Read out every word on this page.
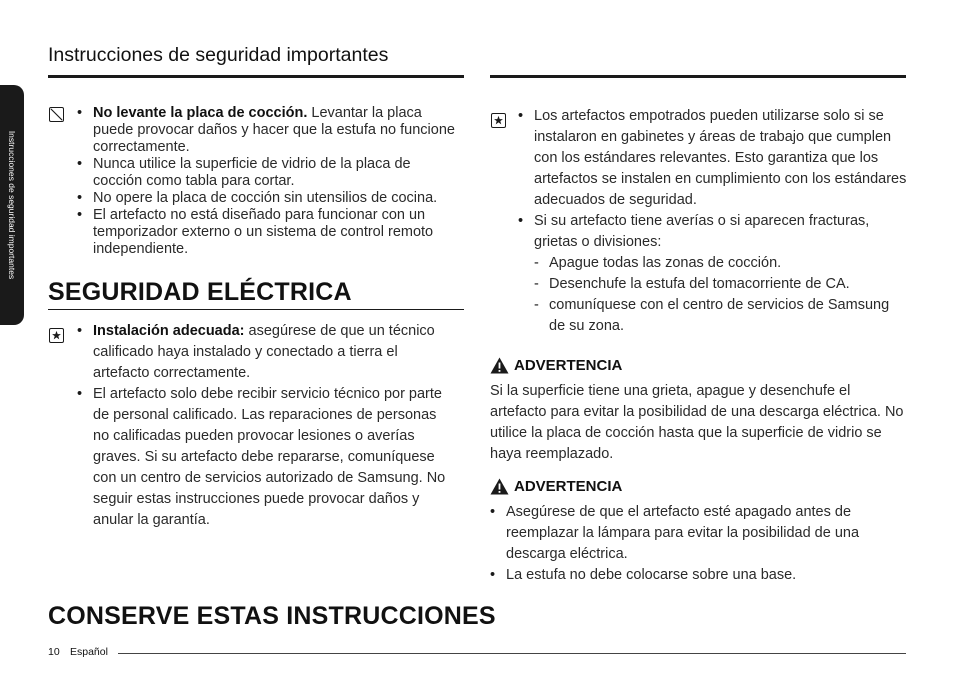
Instrucciones de seguridad importantes
Instrucciones de seguridad importantes
• No levante la placa de cocción. Levantar la placa puede provocar daños y hacer que la estufa no funcione correctamente.
• Nunca utilice la superficie de vidrio de la placa de cocción como tabla para cortar.
• No opere la placa de cocción sin utensilios de cocina.
• El artefacto no está diseñado para funcionar con un temporizador externo o un sistema de control remoto independiente.
SEGURIDAD ELÉCTRICA
• Instalación adecuada: asegúrese de que un técnico calificado haya instalado y conectado a tierra el artefacto correctamente.
• El artefacto solo debe recibir servicio técnico por parte de personal calificado. Las reparaciones de personas no calificadas pueden provocar lesiones o averías graves. Si su artefacto debe repararse, comuníquese con un centro de servicios autorizado de Samsung. No seguir estas instrucciones puede provocar daños y anular la garantía.
• Los artefactos empotrados pueden utilizarse solo si se instalaron en gabinetes y áreas de trabajo que cumplen con los estándares relevantes. Esto garantiza que los artefactos se instalen en cumplimiento con los estándares adecuados de seguridad.
• Si su artefacto tiene averías o si aparecen fracturas, grietas o divisiones:
- Apague todas las zonas de cocción.
- Desenchufe la estufa del tomacorriente de CA.
- comuníquese con el centro de servicios de Samsung de su zona.
ADVERTENCIA
Si la superficie tiene una grieta, apague y desenchufe el artefacto para evitar la posibilidad de una descarga eléctrica. No utilice la placa de cocción hasta que la superficie de vidrio se haya reemplazado.
ADVERTENCIA
• Asegúrese de que el artefacto esté apagado antes de reemplazar la lámpara para evitar la posibilidad de una descarga eléctrica.
• La estufa no debe colocarse sobre una base.
CONSERVE ESTAS INSTRUCCIONES
10 Español
